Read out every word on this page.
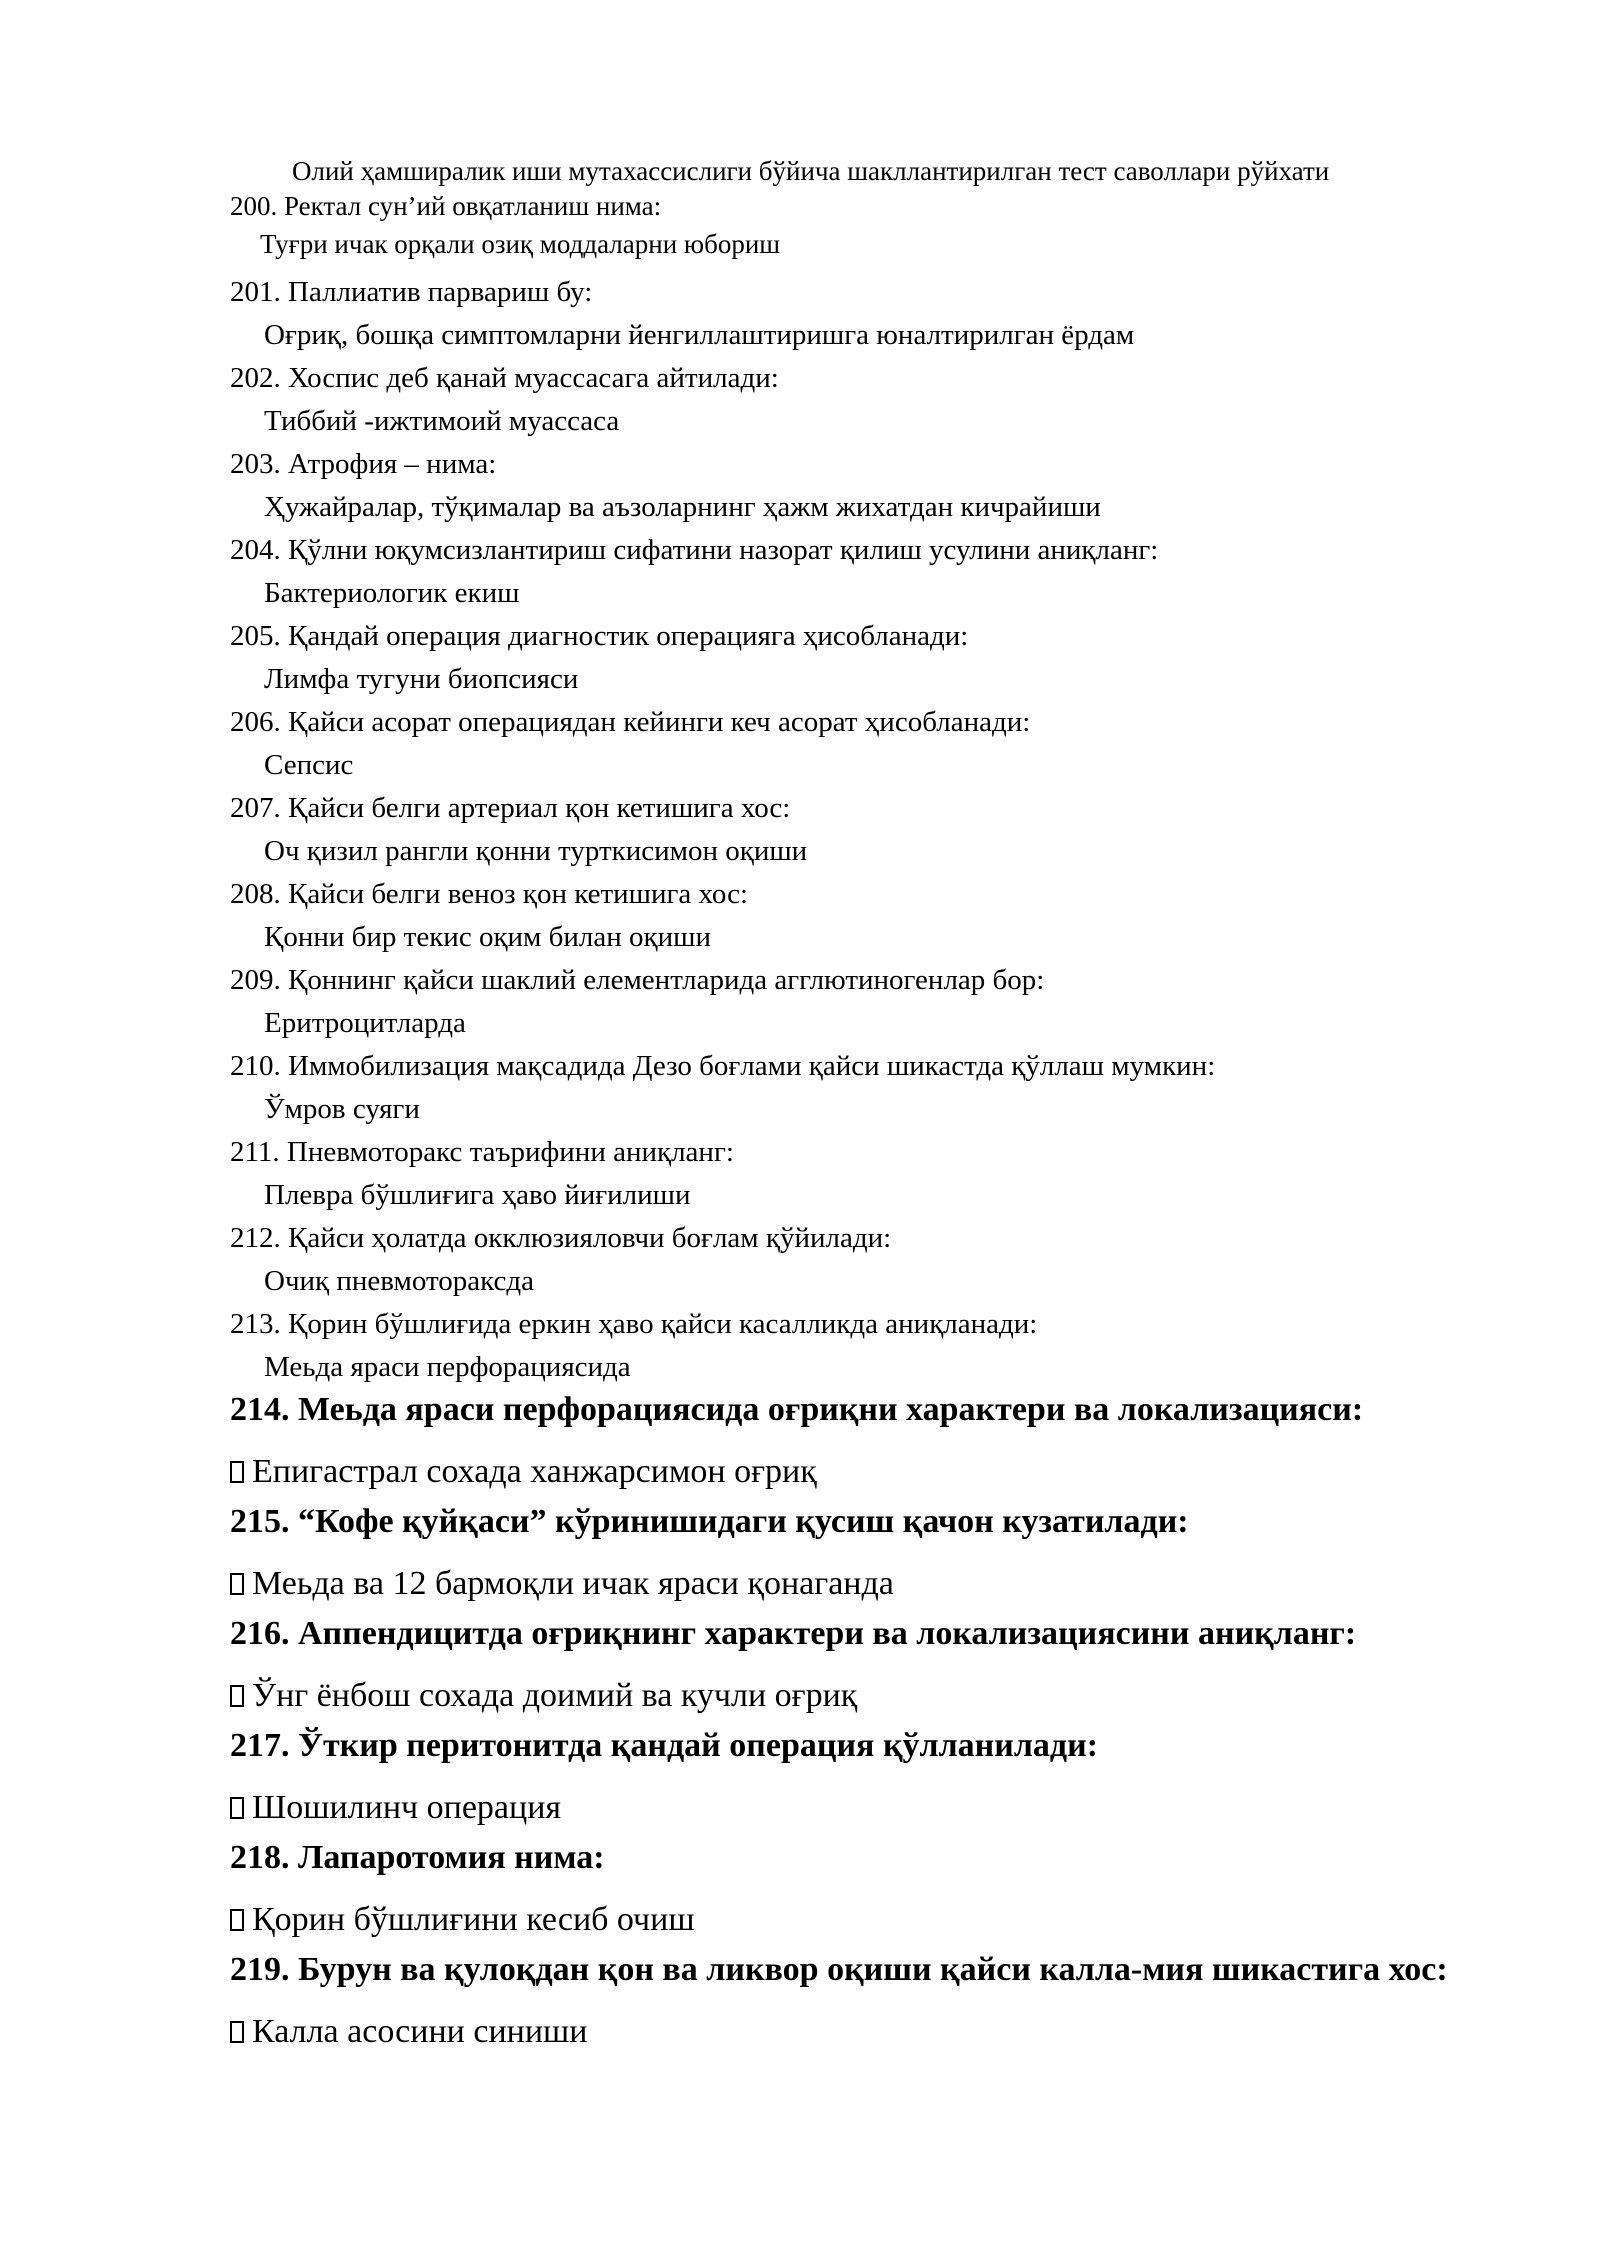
Олий ҳамширалик иши мутахассислиги бўйича шакллантирилган тест саволлари рўйхати
200. Ректал сун’ий овқатланиш нима:
Туғри ичак орқали озиқ моддаларни юбориш
201. Паллиатив парвариш бу:
Оғриқ, бошқа симптомларни йенгиллаштиришга юналтирилган ёрдам
202. Хоспис деб қанай муассасага айтилади:
Тиббий -ижтимоий муассаса
203. Атрофия – нима:
Ҳужайралар, тўқималар ва аъзоларнинг ҳажм жихатдан кичрайиши
204. Қўлни юқумсизлантириш сифатини назорат қилиш усулини аниқланг:
Бактериологик екиш
205. Қандай операция диагностик операцияга ҳисобланади:
Лимфа тугуни биопсияси
206. Қайси асорат операциядан кейинги кеч асорат ҳисобланади:
Сепсис
207. Қайси белги артериал қон кетишига хос:
Оч қизил рангли қонни турткисимон оқиши
208. Қайси белги веноз қон кетишига хос:
Қонни бир текис оқим билан оқиши
209. Қоннинг қайси шаклий елементларида агглютиногенлар бор:
Еритроцитларда
210. Иммобилизация мақсадида Дезо боғлами қайси шикастда қўллаш мумкин:
Ўмров суяги
211. Пневмоторакс таърифини аниқланг:
Плевра бўшлиғига ҳаво йиғилиши
212. Қайси ҳолатда окклюзияловчи боғлам қўйилади:
Очиқ пневмотораксда
213. Қорин бўшлиғида еркин ҳаво қайси касалликда аниқланади:
Меьда яраси перфорациясида
214. Меьда яраси перфорациясида оғриқни характери ва локализацияси:
Епигастрал сохада ханжарсимон оғриқ
215. “Кофе қуйқаси” кўринишидаги қусиш қачон кузатилади:
Меьда ва 12 бармоқли ичак яраси қонаганда
216. Аппендицитда оғриқнинг характери ва локализациясини аниқланг:
Ўнг ёнбош сохада доимий ва кучли оғриқ
217. Ўткир перитонитда қандай операция қўлланилади:
Шошилинч операция
218. Лапаротомия нима:
Қорин бўшлиғини кесиб очиш
219. Бурун ва қулоқдан қон ва ликвор оқиши қайси калла-мия шикастига хос:
Калла асосини синиши
